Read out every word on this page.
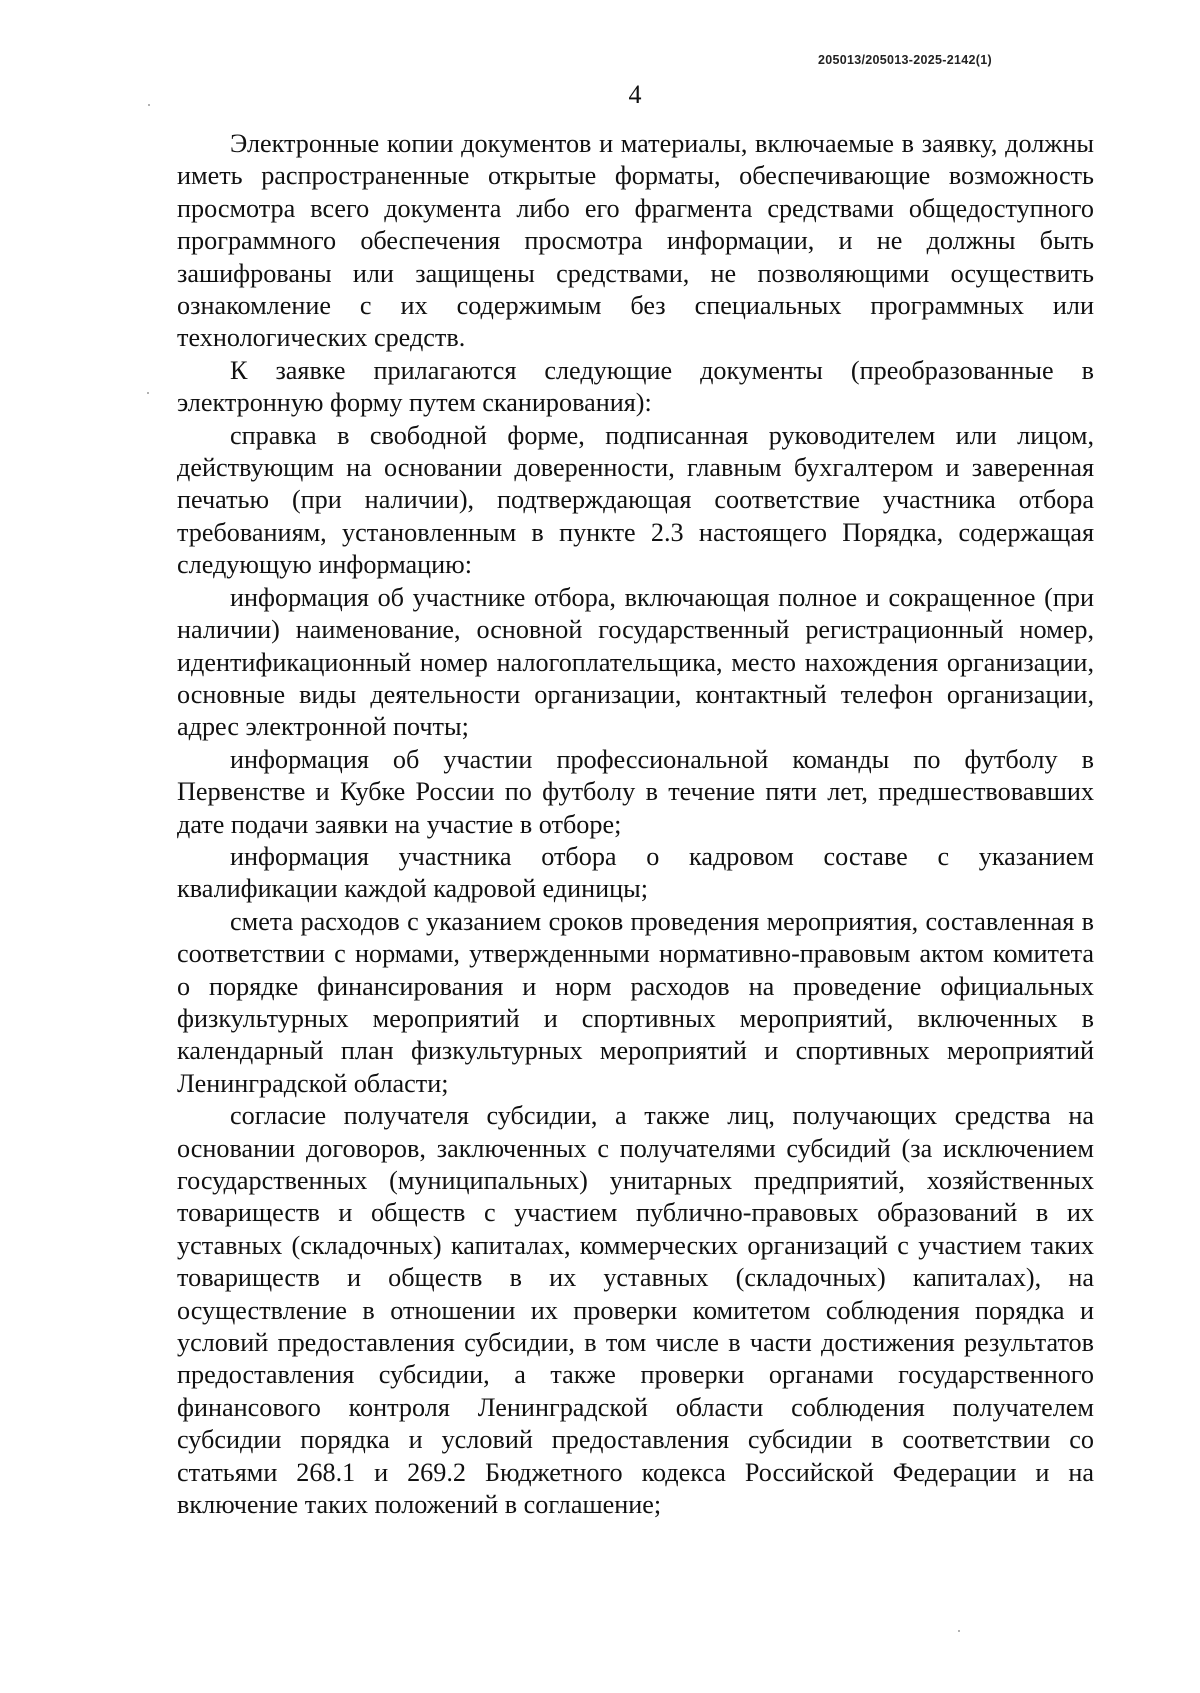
205013/205013-2025-2142(1)
4

Электронные копии документов и материалы, включаемые в заявку, должны иметь распространенные открытые форматы, обеспечивающие возможность просмотра всего документа либо его фрагмента средствами общедоступного программного обеспечения просмотра информации, и не должны быть зашифрованы или защищены средствами, не позволяющими осуществить ознакомление с их содержимым без специальных программных или технологических средств.

К заявке прилагаются следующие документы (преобразованные в электронную форму путем сканирования):

справка в свободной форме, подписанная руководителем или лицом, действующим на основании доверенности, главным бухгалтером и заверенная печатью (при наличии), подтверждающая соответствие участника отбора требованиям, установленным в пункте 2.3 настоящего Порядка, содержащая следующую информацию:

информация об участнике отбора, включающая полное и сокращенное (при наличии) наименование, основной государственный регистрационный номер, идентификационный номер налогоплательщика, место нахождения организации, основные виды деятельности организации, контактный телефон организации, адрес электронной почты;

информация об участии профессиональной команды по футболу в Первенстве и Кубке России по футболу в течение пяти лет, предшествовавших дате подачи заявки на участие в отборе;

информация участника отбора о кадровом составе с указанием квалификации каждой кадровой единицы;

смета расходов с указанием сроков проведения мероприятия, составленная в соответствии с нормами, утвержденными нормативно-правовым актом комитета о порядке финансирования и норм расходов на проведение официальных физкультурных мероприятий и спортивных мероприятий, включенных в календарный план физкультурных мероприятий и спортивных мероприятий Ленинградской области;

согласие получателя субсидии, а также лиц, получающих средства на основании договоров, заключенных с получателями субсидий (за исключением государственных (муниципальных) унитарных предприятий, хозяйственных товариществ и обществ с участием публично-правовых образований в их уставных (складочных) капиталах, коммерческих организаций с участием таких товариществ и обществ в их уставных (складочных) капиталах), на осуществление в отношении их проверки комитетом соблюдения порядка и условий предоставления субсидии, в том числе в части достижения результатов предоставления субсидии, а также проверки органами государственного финансового контроля Ленинградской области соблюдения получателем субсидии порядка и условий предоставления субсидии в соответствии со статьями 268.1 и 269.2 Бюджетного кодекса Российской Федерации и на включение таких положений в соглашение;
